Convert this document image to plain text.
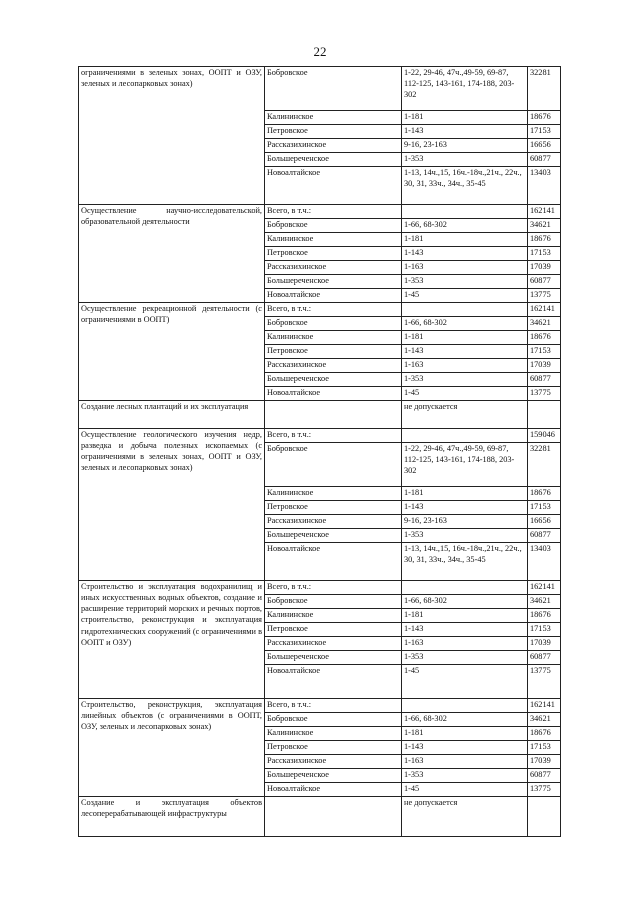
22
ограничениями в зеленых зонах, ООПТ и ОЗУ, зеленых и лесопарковых зонах)	Бобровское	1-22, 29-46, 47ч.,49-59, 69-87, 112-125, 143-161, 174-188, 203-302	32281
	Калининское	1-181	18676
	Петровское	1-143	17153
	Рассказихинское	9-16, 23-163	16656
	Большереченское	1-353	60877
	Новоалтайское	1-13, 14ч.,15, 16ч.-18ч.,21ч., 22ч., 30, 31, 33ч., 34ч., 35-45	13403
Осуществление научно-исследовательской, образовательной деятельности	Всего, в т.ч.:		162141
	Бобровское	1-66, 68-302	34621
	Калининское	1-181	18676
	Петровское	1-143	17153
	Рассказихинское	1-163	17039
	Большереченское	1-353	60877
	Новоалтайское	1-45	13775
Осуществление рекреационной деятельности (с ограничениями в ООПТ)	Всего, в т.ч.:		162141
	Бобровское	1-66, 68-302	34621
	Калининское	1-181	18676
	Петровское	1-143	17153
	Рассказихинское	1-163	17039
	Большереченское	1-353	60877
	Новоалтайское	1-45	13775
Создание лесных плантаций и их эксплуатация		не допускается	
Осуществление геологического изучения недр, разведка и добыча полезных ископаемых (с ограничениями в зеленых зонах, ООПТ и ОЗУ, зеленых и лесопарковых зонах)	Всего, в т.ч.:		159046
	Бобровское	1-22, 29-46, 47ч.,49-59, 69-87, 112-125, 143-161, 174-188, 203-302	32281
	Калининское	1-181	18676
	Петровское	1-143	17153
	Рассказихинское	9-16, 23-163	16656
	Большереченское	1-353	60877
	Новоалтайское	1-13, 14ч.,15, 16ч.-18ч.,21ч., 22ч., 30, 31, 33ч., 34ч., 35-45	13403
Строительство и эксплуатация водохранилищ и иных искусственных водных объектов, создание и расширение территорий морских и речных портов, строительство, реконструкция и эксплуатация гидротехнических сооружений (с ограничениями в ООПТ и ОЗУ)	Всего, в т.ч.:		162141
	Бобровское	1-66, 68-302	34621
	Калининское	1-181	18676
	Петровское	1-143	17153
	Рассказихинское	1-163	17039
	Большереченское	1-353	60877
	Новоалтайское	1-45	13775
Строительство, реконструкция, эксплуатация линейных объектов (с ограничениями в ООПТ, ОЗУ, зеленых и лесопарковых зонах)	Всего, в т.ч.:		162141
	Бобровское	1-66, 68-302	34621
	Калининское	1-181	18676
	Петровское	1-143	17153
	Рассказихинское	1-163	17039
	Большереченское	1-353	60877
	Новоалтайское	1-45	13775
Создание и эксплуатация объектов лесоперерабатывающей инфраструктуры		не допускается	
